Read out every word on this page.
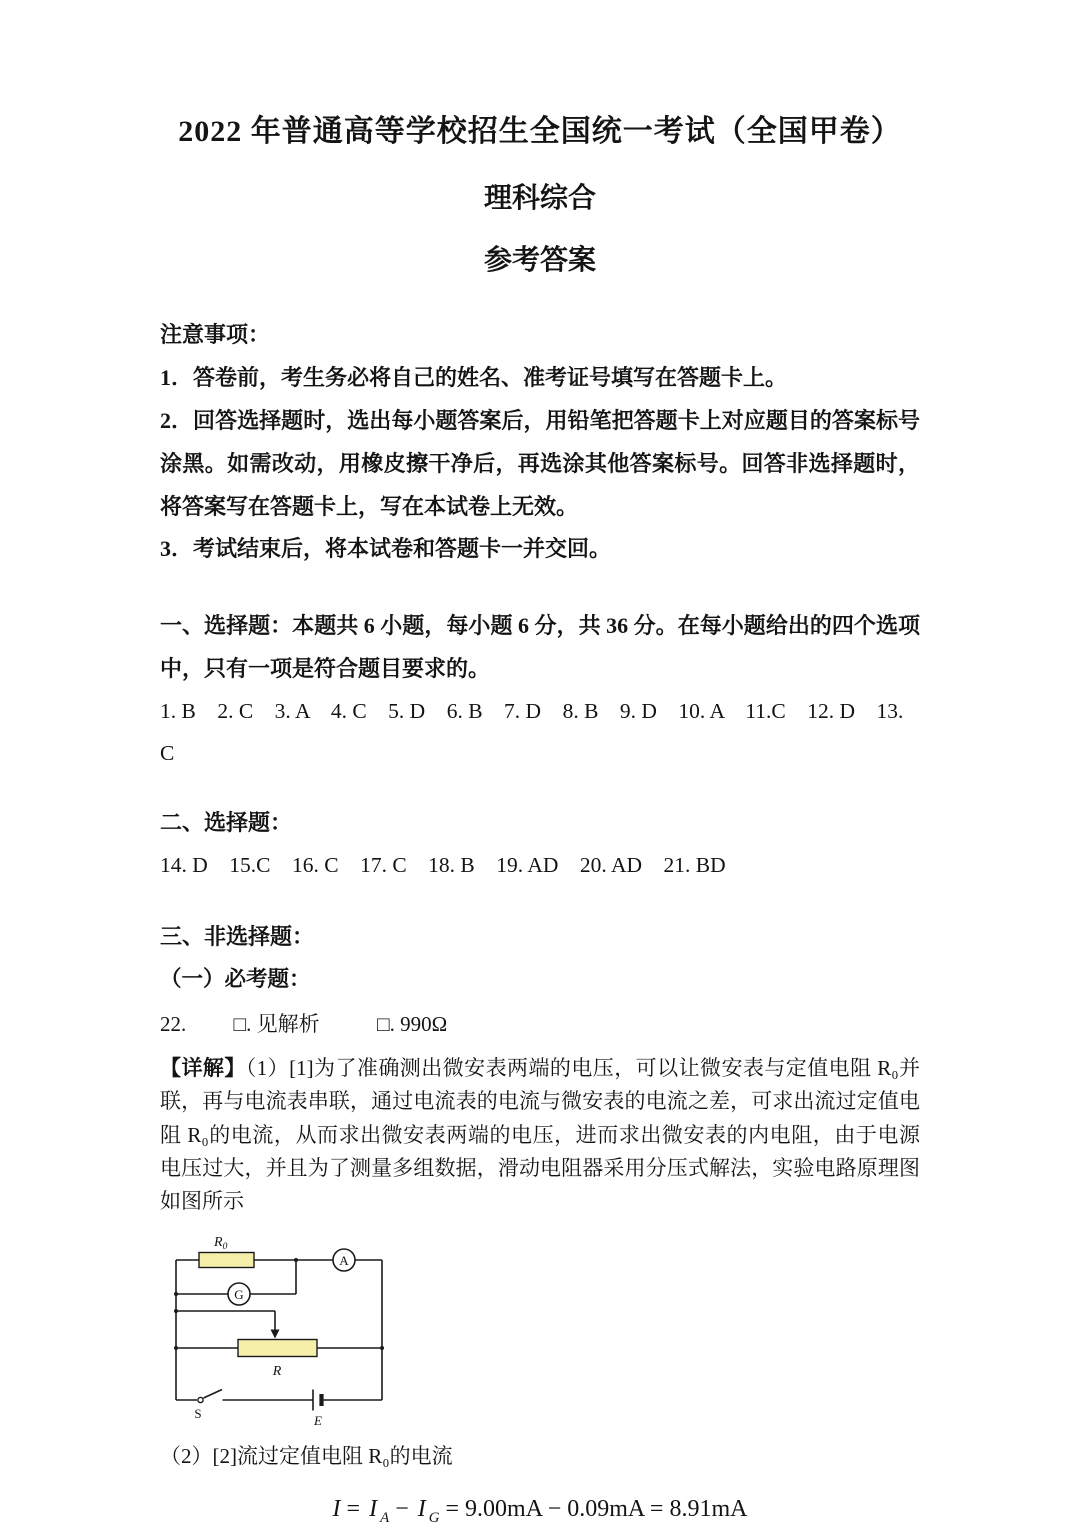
2022 年普通高等学校招生全国统一考试（全国甲卷）
理科综合
参考答案

注意事项：

1．答卷前，考生务必将自己的姓名、准考证号填写在答题卡上。

2．回答选择题时，选出每小题答案后，用铅笔把答题卡上对应题目的答案标号涂黑。如需改动，用橡皮擦干净后，再选涂其他答案标号。回答非选择题时，将答案写在答题卡上，写在本试卷上无效。

3．考试结束后，将本试卷和答题卡一并交回。

一、选择题：本题共 6 小题，每小题 6 分，共 36 分。在每小题给出的四个选项中，只有一项是符合题目要求的。

1. B　2. C　3. A　4. C　5. D　6. B　7. D　8. B　9. D　10. A　11.C　12. D　13. C

二、选择题：

14. D　15.C　16. C　17. C　18. B　19. AD　20. AD　21. BD

三、非选择题：

（一）必考题：

22. □. 见解析	□. 990Ω

【详解】（1）[1]为了准确测出微安表两端的电压，可以让微安表与定值电阻 R₀并联，再与电流表串联，通过电流表的电流与微安表的电流之差，可求出流过定值电阻 R₀的电流，从而求出微安表两端的电压，进而求出微安表的内电阻，由于电源电压过大，并且为了测量多组数据，滑动电阻器采用分压式解法，实验电路原理图如图所示

$R_0$
A
G
R
S	E

（2）[2]流过定值电阻 R₀的电流

I = I $_A$ − I $_G$ = 9.00mA − 0.09mA = 8.91mA
